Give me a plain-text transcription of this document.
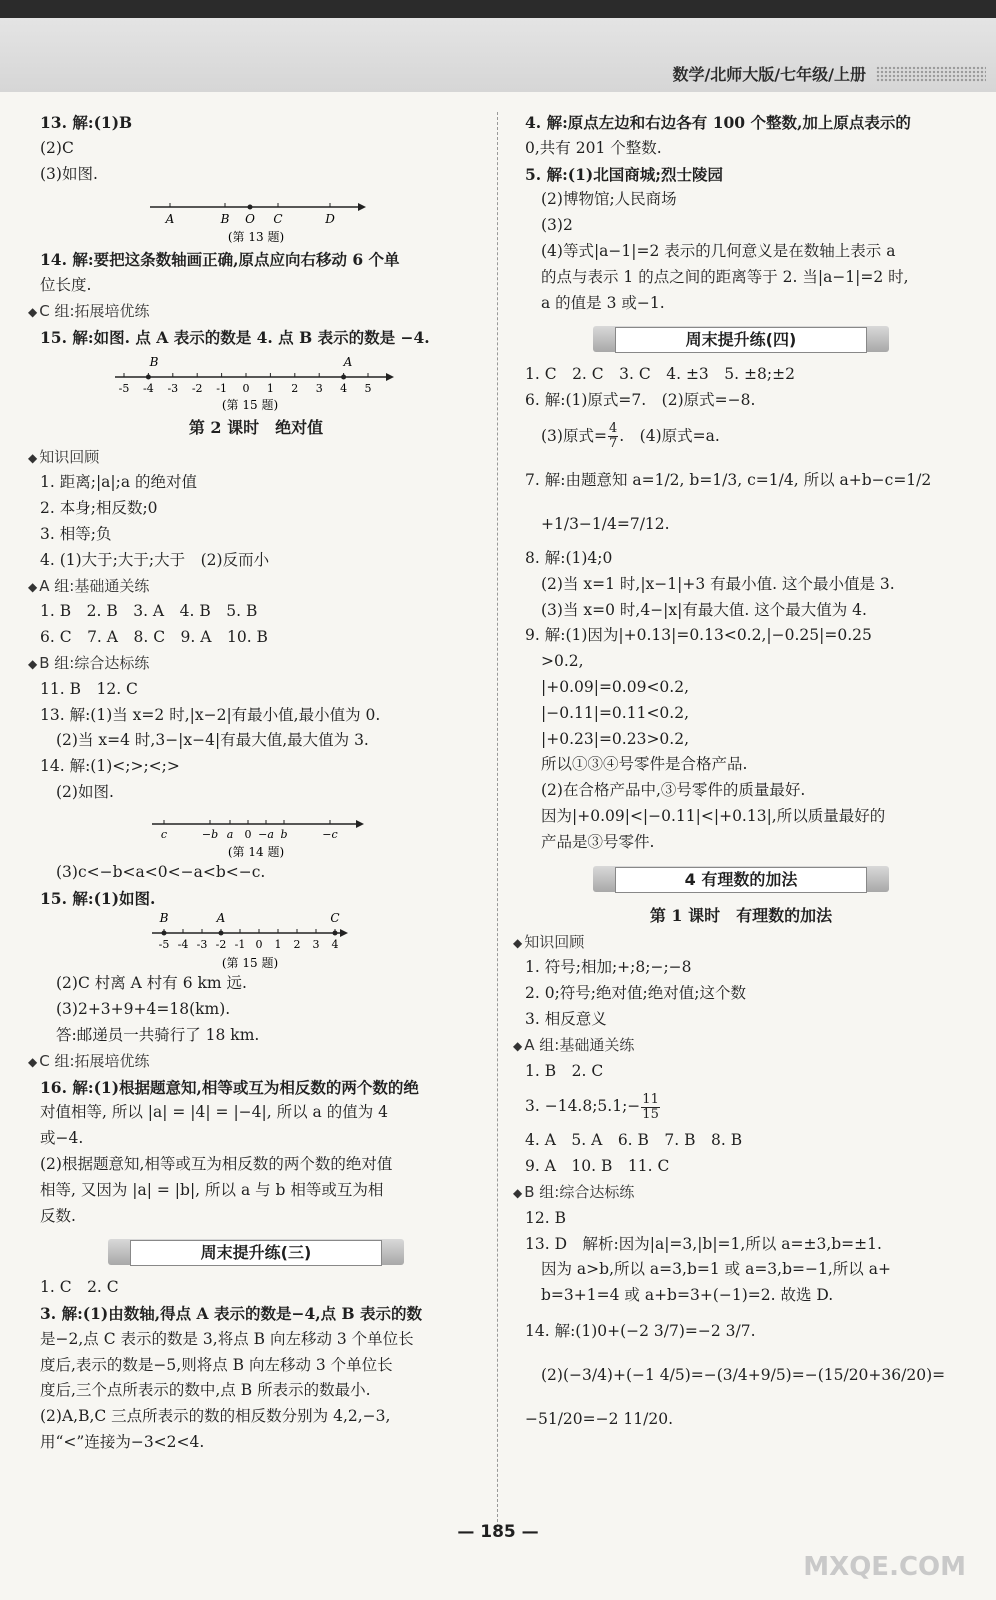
数学/北师大版/七年级/上册
13. 解:(1)B
(2)C
(3)如图.
A	B O C	D
(第 13 题)
14. 解:要把这条数轴画正确,原点应向右移动 6 个单
位长度.
◆ C 组:拓展培优练
15. 解:如图. 点 A 表示的数是 4. 点 B 表示的数是 −4.
B	A
(第 15 题)
-5 -4 -3 -2 -1 0 1 2 3 4 5
第 2 课时　绝对值
◆ 知识回顾
1. 距离;|a|;a 的绝对值
2. 本身;相反数;0
3. 相等;负
4. (1)大于;大于;大于　(2)反而小
◆ A 组:基础通关练
1. B　2. B　3. A　4. B　5. B
6. C　7. A　8. C　9. A　10. B
◆ B 组:综合达标练
11. B　12. C
13. 解:(1)当 x=2 时,|x−2|有最小值,最小值为 0.
(2)当 x=4 时,3−|x−4|有最大值,最大值为 3.
14. 解:(1)<;>;<;>
(2)如图.
c	−b a 0 −a b	−c
(第 14 题)
(3)c<−b<a<0<−a<b<−c.
15. 解:(1)如图.
B	A	C
(第 15 题)
-5 -4 -3 -2 -1 0 1 2 3 4
(2)C 村离 A 村有 6 km 远.
(3)2+3+9+4=18(km).
答:邮递员一共骑行了 18 km.
◆ C 组:拓展培优练
16. 解:(1)根据题意知,相等或互为相反数的两个数的绝
对值相等, 所以 |a| = |4| = |−4|, 所以 a 的值为 4
或−4.
(2)根据题意知,相等或互为相反数的两个数的绝对值
相等, 又因为 |a| = |b|, 所以 a 与 b 相等或互为相
反数.
周末提升练(三)
1. C　2. C
3. 解:(1)由数轴,得点 A 表示的数是−4,点 B 表示的数
是−2,点 C 表示的数是 3,将点 B 向左移动 3 个单位长
度后,表示的数是−5,则将点 B 向左移动 3 个单位长
度后,三个点所表示的数中,点 B 所表示的数最小.
(2)A,B,C 三点所表示的数的相反数分别为 4,2,−3,
用“<”连接为−3<2<4.
4. 解:原点左边和右边各有 100 个整数,加上原点表示的
0,共有 201 个整数.
5. 解:(1)北国商城;烈士陵园
(2)博物馆;人民商场
(3)2
(4)等式|a−1|=2 表示的几何意义是在数轴上表示 a
的点与表示 1 的点之间的距离等于 2. 当|a−1|=2 时,
a 的值是 3 或−1.
周末提升练(四)
1. C　2. C　3. C　4. ±3　5. ±8;±2
6. 解:(1)原式=7.　(2)原式=−8.
(3)原式= $\frac{4}{7}$ .　(4)原式=a.
7. 解:由题意知 a=1/2, b=1/3, c=1/4, 所以 a+b−c=1/2
+1/3−1/4=7/12.
8. 解:(1)4;0
(2)当 x=1 时,|x−1|+3 有最小值. 这个最小值是 3.
(3)当 x=0 时,4−|x|有最大值. 这个最大值为 4.
9. 解:(1)因为|+0.13|=0.13<0.2,|−0.25|=0.25
>0.2,
|+0.09|=0.09<0.2,
|−0.11|=0.11<0.2,
|+0.23|=0.23>0.2,
所以①③④号零件是合格产品.
(2)在合格产品中,③号零件的质量最好.
因为|+0.09|<|−0.11|<|+0.13|,所以质量最好的
产品是③号零件.
4 有理数的加法
第 1 课时　有理数的加法
◆ 知识回顾
1. 符号;相加;+;8;−;−8
2. 0;符号;绝对值;绝对值;这个数
3. 相反意义
◆ A 组:基础通关练
1. B　2. C
3. −14.8;5.1;− $\frac{11}{15}$
4. A　5. A　6. B　7. B　8. B
9. A　10. B　11. C
◆ B 组:综合达标练
12. B
13. D　解析:因为|a|=3,|b|=1,所以 a=±3,b=±1.
因为 a>b,所以 a=3,b=1 或 a=3,b=−1,所以 a+
b=3+1=4 或 a+b=3+(−1)=2. 故选 D.
14. 解:(1)0+(−2 3/7)=−2 3/7.
(2)(−3/4)+(−1 4/5)=−(3/4+9/5)=−(15/20+36/20)=
−51/20=−2 11/20.
— 185 —
MXQE.COM
